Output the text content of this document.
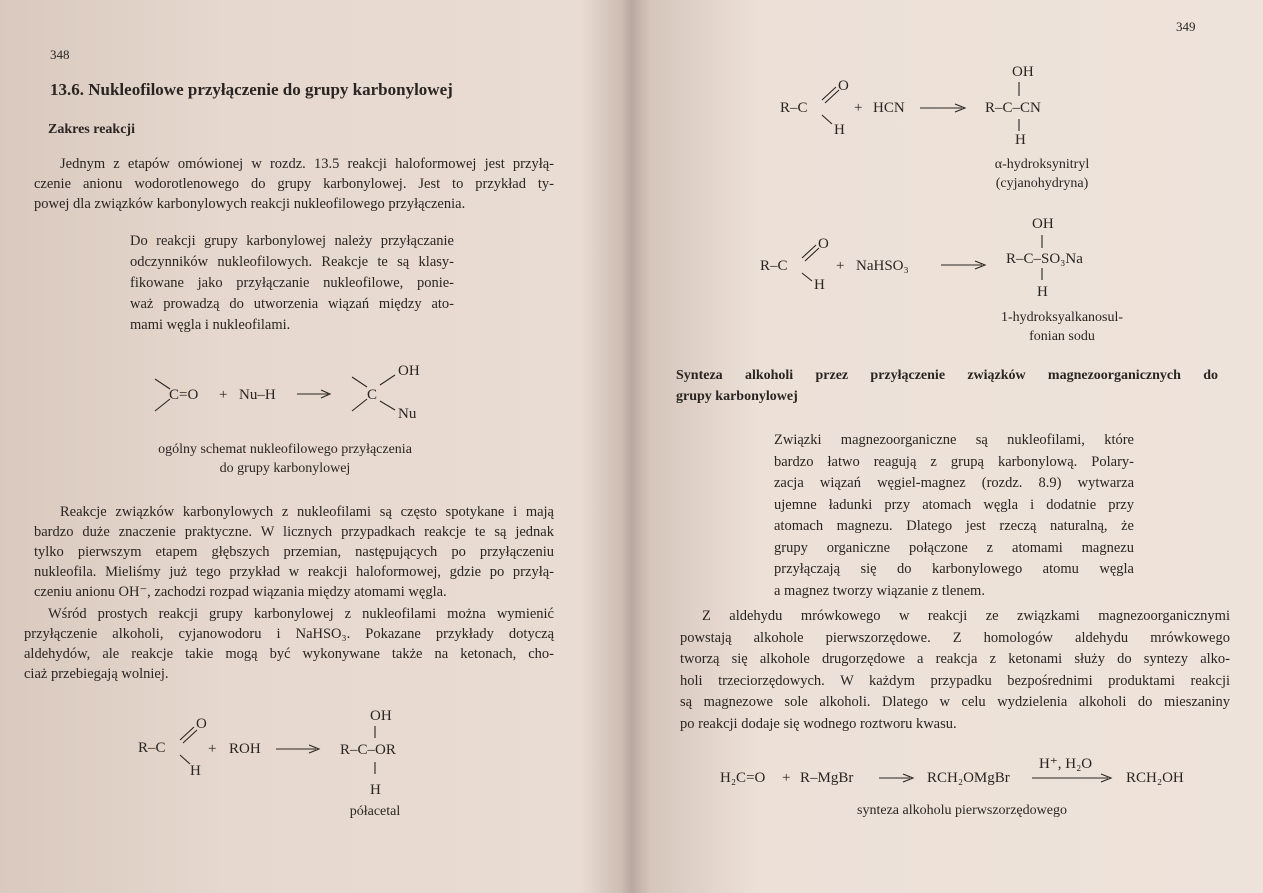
348
13.6. Nukleofilowe przyłączenie do grupy karbonylowej
Zakres reakcji
Jednym z etapów omówionej w rozdz. 13.5 reakcji haloformowej jest przyłą-
czenie anionu wodorotlenowego do grupy karbonylowej. Jest to przykład ty-
powej dla związków karbonylowych reakcji nukleofilowego przyłączenia.
Do reakcji grupy karbonylowej należy przyłączanie
odczynników nukleofilowych. Reakcje te są klasy-
fikowane jako przyłączanie nukleofilowe, ponie-
waż prowadzą do utworzenia wiązań między ato-
mami węgla i nukleofilami.
C=O + Nu–H	C
OH
Nu
ogólny schemat nukleofilowego przyłączenia
do grupy karbonylowej
Reakcje związków karbonylowych z nukleofilami są często spotykane i mają
bardzo duże znaczenie praktyczne. W licznych przypadkach reakcje te są jednak
tylko pierwszym etapem głębszych przemian, następujących po przyłączeniu
nukleofila. Mieliśmy już tego przykład w reakcji haloformowej, gdzie po przyłą-
czeniu anionu OH⁻, zachodzi rozpad wiązania między atomami węgla.
Wśród prostych reakcji grupy karbonylowej z nukleofilami można wymienić
przyłączenie alkoholi, cyjanowodoru i NaHSO₃. Pokazane przykłady dotyczą
aldehydów, ale reakcje takie mogą być wykonywane także na ketonach, cho-
ciaż przebiegają wolniej.
R–C
O
H
+ ROH
OH
R–C–OR
H
półacetal
349
R–C
O
H
+ HCN
OH
R–C–CN
H
α-hydroksynitryl
(cyjanohydryna)
R–C
O
H
+ NaHSO₃
OH
R–C–SO₃Na
H
1-hydroksyalkanosul-
fonian sodu
Synteza alkoholi przez przyłączenie związków magnezoorganicznych do
grupy karbonylowej
Związki magnezoorganiczne są nukleofilami, które
bardzo łatwo reagują z grupą karbonylową. Polary-
zacja wiązań węgiel-magnez (rozdz. 8.9) wytwarza
ujemne ładunki przy atomach węgla i dodatnie przy
atomach magnezu. Dlatego jest rzeczą naturalną, że
grupy organiczne połączone z atomami magnezu
przyłączają się do karbonylowego atomu węgla
a magnez tworzy wiązanie z tlenem.
Z aldehydu mrówkowego w reakcji ze związkami magnezoorganicznymi
powstają alkohole pierwszorzędowe. Z homologów aldehydu mrówkowego
tworzą się alkohole drugorzędowe a reakcja z ketonami służy do syntezy alko-
holi trzeciorzędowych. W każdym przypadku bezpośrednimi produktami reakcji
są magnezowe sole alkoholi. Dlatego w celu wydzielenia alkoholi do mieszaniny
po reakcji dodaje się wodnego roztworu kwasu.
H₂C=O + R–MgBr	RCH₂OMgBr
H⁺, H₂O
RCH₂OH
synteza alkoholu pierwszorzędowego
